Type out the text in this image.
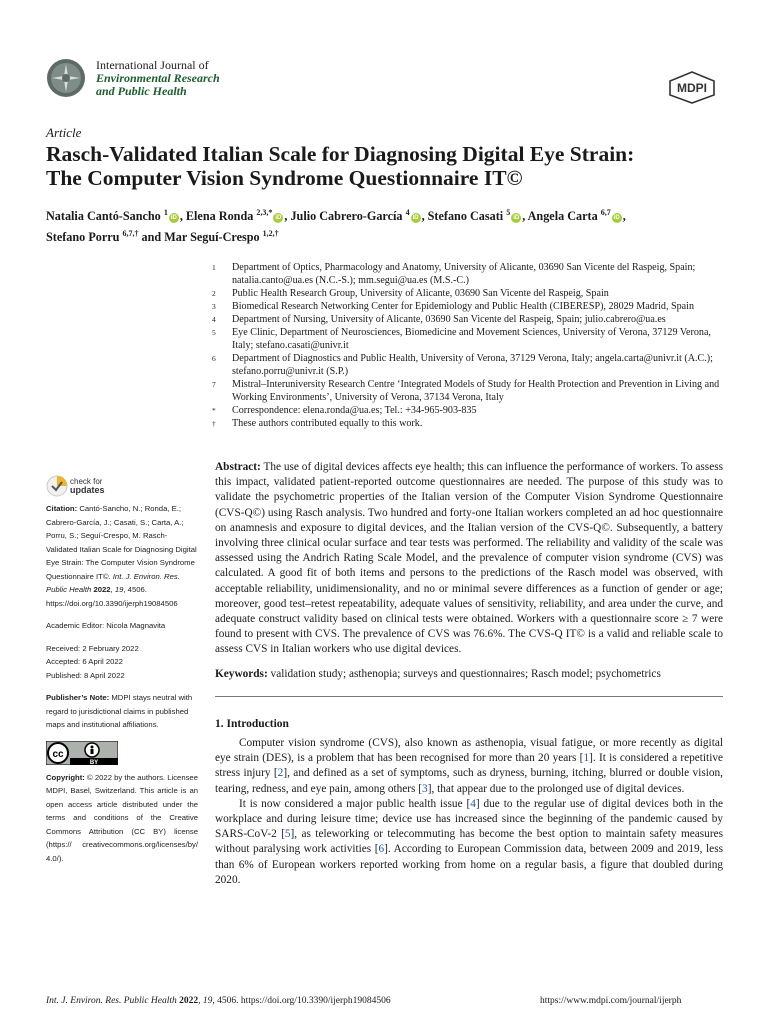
International Journal of
Environmental Research
and Public Health	MDPI
Article
Rasch-Validated Italian Scale for Diagnosing Digital Eye Strain:
The Computer Vision Syndrome Questionnaire IT©
Natalia Cantó-Sancho $^1$iD , Elena Ronda $^{2,3,*}$iD , Julio Cabrero-García $^4$iD , Stefano Casati $^5$iD , Angela Carta $^{6,7}$iD ,
Stefano Porru $^{6,7,\dagger}$ and Mar Seguí-Crespo $^{1,2,\dagger}$
1	Department of Optics, Pharmacology and Anatomy, University of Alicante, 03690 San Vicente del Raspeig, Spain; natalia.canto@ua.es (N.C.-S.); mm.segui@ua.es (M.S.-C.)
2	Public Health Research Group, University of Alicante, 03690 San Vicente del Raspeig, Spain
3	Biomedical Research Networking Center for Epidemiology and Public Health (CIBERESP), 28029 Madrid, Spain
4	Department of Nursing, University of Alicante, 03690 San Vicente del Raspeig, Spain; julio.cabrero@ua.es
5	Eye Clinic, Department of Neurosciences, Biomedicine and Movement Sciences, University of Verona, 37129 Verona, Italy; stefano.casati@univr.it
6	Department of Diagnostics and Public Health, University of Verona, 37129 Verona, Italy; angela.carta@univr.it (A.C.); stefano.porru@univr.it (S.P.)
7	Mistral–Interuniversity Research Centre ‘Integrated Models of Study for Health Protection and Prevention in Living and Working Environments’, University of Verona, 37134 Verona, Italy
*	Correspondence: elena.ronda@ua.es; Tel.: +34-965-903-835
†	These authors contributed equally to this work.
check for
updates

Citation: Cantó-Sancho, N.; Ronda, E.; Cabrero-García, J.; Casati, S.; Carta, A.; Porru, S.; Seguí-Crespo, M. Rasch-Validated Italian Scale for Diagnosing Digital Eye Strain: The Computer Vision Syndrome Questionnaire IT©. Int. J. Environ. Res. Public Health 2022, 19, 4506. https://doi.org/10.3390/ijerph19084506

Academic Editor: Nicola Magnavita

Received: 2 February 2022

Accepted: 6 April 2022

Published: 8 April 2022

Publisher’s Note: MDPI stays neutral with regard to jurisdictional claims in published maps and institutional affiliations.

cc
BY

Copyright: © 2022 by the authors. Licensee MDPI, Basel, Switzerland. This article is an open access article distributed under the terms and conditions of the Creative Commons Attribution (CC BY) license (https:// creativecommons.org/licenses/by/ 4.0/).

Abstract: The use of digital devices affects eye health; this can influence the performance of workers. To assess this impact, validated patient-reported outcome questionnaires are needed. The purpose of this study was to validate the psychometric properties of the Italian version of the Computer Vision Syndrome Questionnaire (CVS-Q©) using Rasch analysis. Two hundred and forty-one Italian workers completed an ad hoc questionnaire on anamnesis and exposure to digital devices, and the Italian version of the CVS-Q©. Subsequently, a battery involving three clinical ocular surface and tear tests was performed. The reliability and validity of the scale was assessed using the Andrich Rating Scale Model, and the prevalence of computer vision syndrome (CVS) was calculated. A good fit of both items and persons to the predictions of the Rasch model was observed, with acceptable reliability, unidimensionality, and no or minimal severe differences as a function of gender or age; moreover, good test–retest repeatability, adequate values of sensitivity, reliability, and area under the curve, and adequate construct validity based on clinical tests were obtained. Workers with a questionnaire score ≥ 7 were found to present with CVS. The prevalence of CVS was 76.6%. The CVS-Q IT© is a valid and reliable scale to assess CVS in Italian workers who use digital devices.

Keywords: validation study; asthenopia; surveys and questionnaires; Rasch model; psychometrics

1. Introduction

Computer vision syndrome (CVS), also known as asthenopia, visual fatigue, or more recently as digital eye strain (DES), is a problem that has been recognised for more than 20 years [1]. It is considered a repetitive stress injury [2], and defined as a set of symptoms, such as dryness, burning, itching, blurred or double vision, tearing, redness, and eye pain, among others [3], that appear due to the prolonged use of digital devices.

It is now considered a major public health issue [4] due to the regular use of digital devices both in the workplace and during leisure time; device use has increased since the beginning of the pandemic caused by SARS-CoV-2 [5], as teleworking or telecommuting has become the best option to maintain safety measures without paralysing work activities [6]. According to European Commission data, between 2009 and 2019, less than 6% of European workers reported working from home on a regular basis, a figure that doubled during 2020.

Int. J. Environ. Res. Public Health 2022, 19, 4506. https://doi.org/10.3390/ijerph19084506	https://www.mdpi.com/journal/ijerph
